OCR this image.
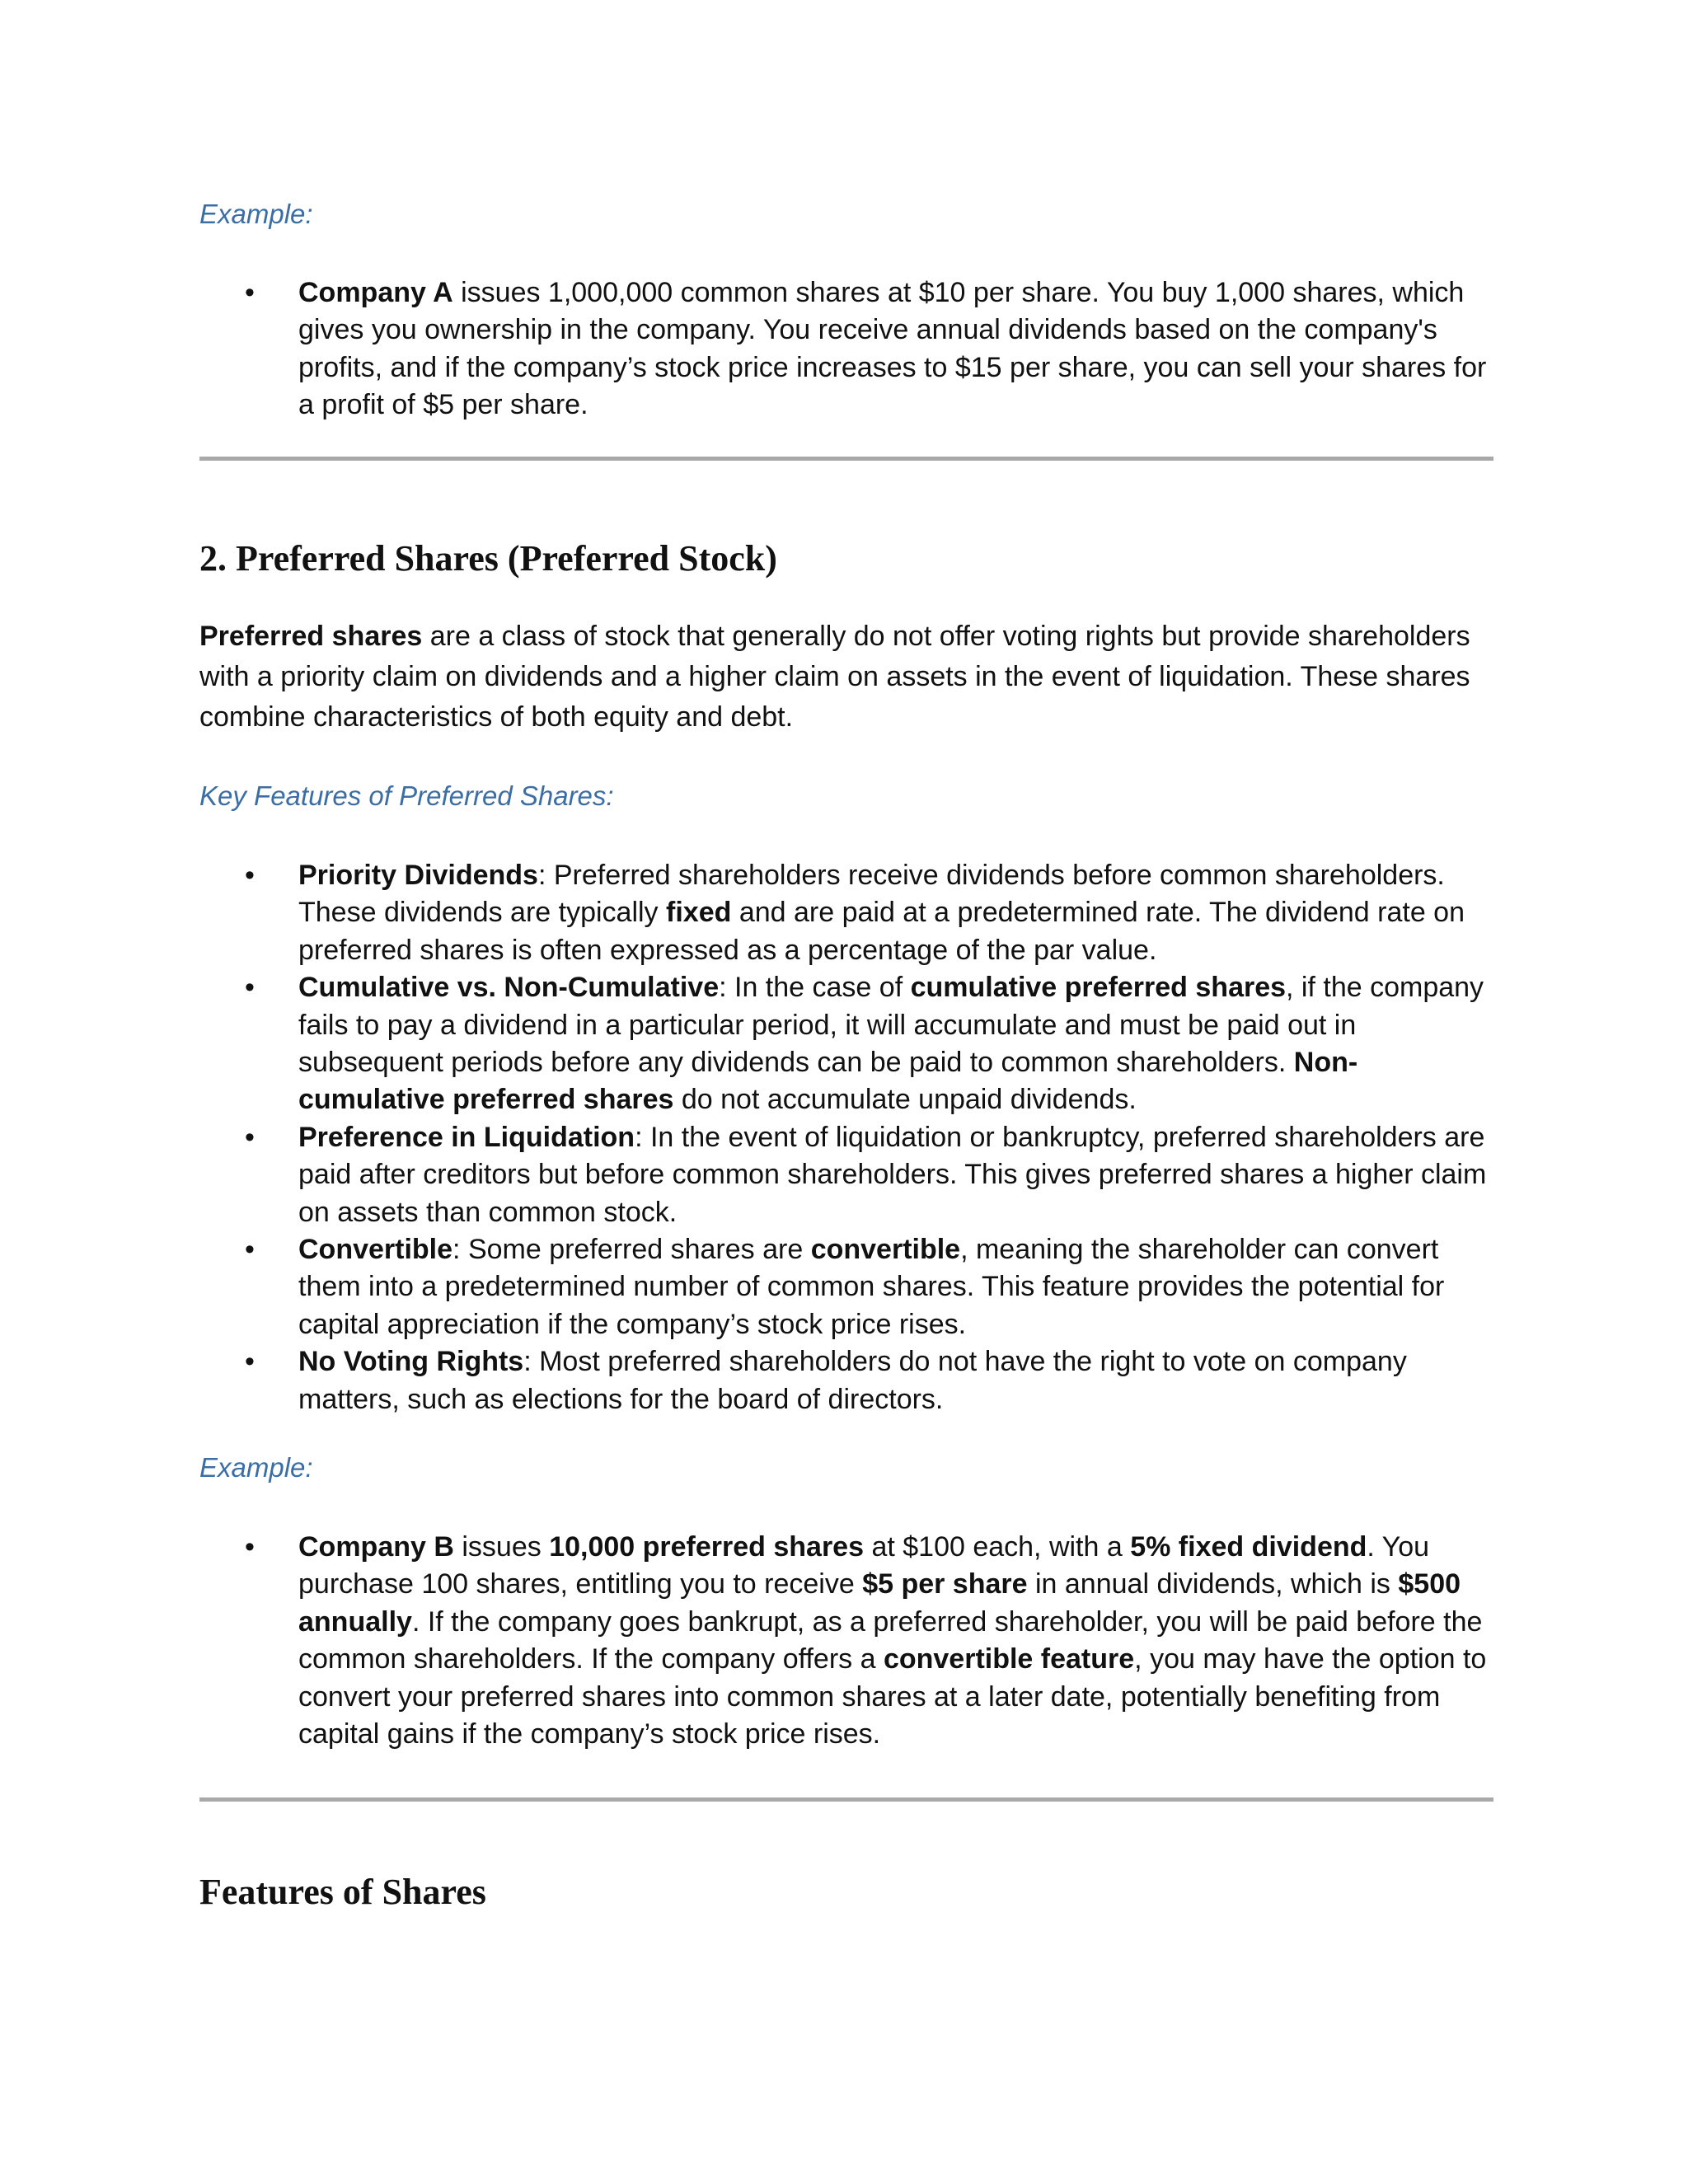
Example:

• Company A issues 1,000,000 common shares at $10 per share. You buy 1,000 shares, which gives you ownership in the company. You receive annual dividends based on the company's profits, and if the company’s stock price increases to $15 per share, you can sell your shares for a profit of $5 per share.
2. Preferred Shares (Preferred Stock)

Preferred shares are a class of stock that generally do not offer voting rights but provide shareholders with a priority claim on dividends and a higher claim on assets in the event of liquidation. These shares combine characteristics of both equity and debt.

Key Features of Preferred Shares:

• Priority Dividends: Preferred shareholders receive dividends before common shareholders. These dividends are typically fixed and are paid at a predetermined rate. The dividend rate on preferred shares is often expressed as a percentage of the par value.
• Cumulative vs. Non-Cumulative: In the case of cumulative preferred shares, if the company fails to pay a dividend in a particular period, it will accumulate and must be paid out in subsequent periods before any dividends can be paid to common shareholders. Non-cumulative preferred shares do not accumulate unpaid dividends.
• Preference in Liquidation: In the event of liquidation or bankruptcy, preferred shareholders are paid after creditors but before common shareholders. This gives preferred shares a higher claim on assets than common stock.
• Convertible: Some preferred shares are convertible, meaning the shareholder can convert them into a predetermined number of common shares. This feature provides the potential for capital appreciation if the company’s stock price rises.
• No Voting Rights: Most preferred shareholders do not have the right to vote on company matters, such as elections for the board of directors.

Example:

• Company B issues 10,000 preferred shares at $100 each, with a 5% fixed dividend. You purchase 100 shares, entitling you to receive $5 per share in annual dividends, which is $500 annually. If the company goes bankrupt, as a preferred shareholder, you will be paid before the common shareholders. If the company offers a convertible feature, you may have the option to convert your preferred shares into common shares at a later date, potentially benefiting from capital gains if the company’s stock price rises.
Features of Shares
